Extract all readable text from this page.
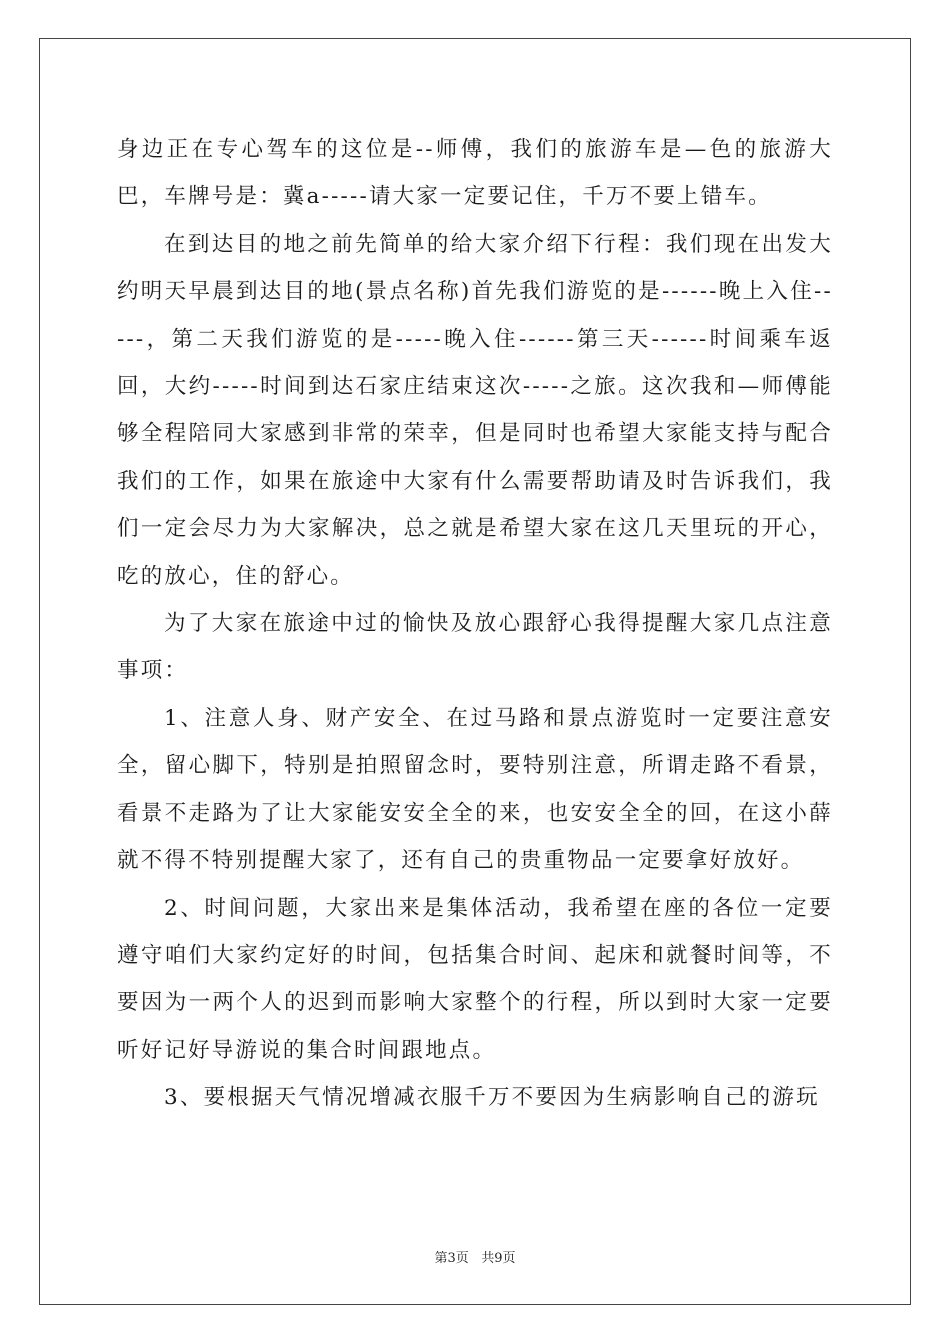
身边正在专心驾车的这位是--师傅，我们的旅游车是—色的旅游大巴，车牌号是：冀a-----请大家一定要记住，千万不要上错车。

在到达目的地之前先简单的给大家介绍下行程：我们现在出发大约明天早晨到达目的地(景点名称)首先我们游览的是------晚上入住-----，第二天我们游览的是-----晚入住------第三天------时间乘车返回，大约-----时间到达石家庄结束这次-----之旅。这次我和—师傅能够全程陪同大家感到非常的荣幸，但是同时也希望大家能支持与配合我们的工作，如果在旅途中大家有什么需要帮助请及时告诉我们，我们一定会尽力为大家解决，总之就是希望大家在这几天里玩的开心，吃的放心，住的舒心。

为了大家在旅途中过的愉快及放心跟舒心我得提醒大家几点注意事项：

1、注意人身、财产安全、在过马路和景点游览时一定要注意安全，留心脚下，特别是拍照留念时，要特别注意，所谓走路不看景，看景不走路为了让大家能安安全全的来，也安安全全的回，在这小薛就不得不特别提醒大家了，还有自己的贵重物品一定要拿好放好。

2、时间问题，大家出来是集体活动，我希望在座的各位一定要遵守咱们大家约定好的时间，包括集合时间、起床和就餐时间等，不要因为一两个人的迟到而影响大家整个的行程，所以到时大家一定要听好记好导游说的集合时间跟地点。

3、要根据天气情况增减衣服千万不要因为生病影响自己的游玩

第3页 共9页
